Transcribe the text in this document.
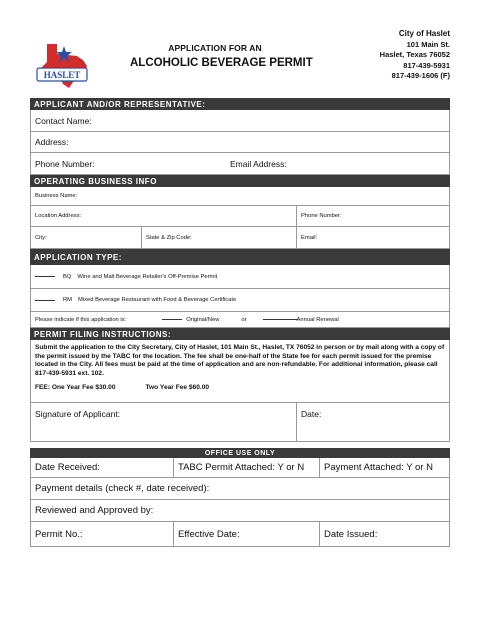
HASLET
APPLICATION FOR AN
ALCOHOLIC BEVERAGE PERMIT
City of Haslet
101 Main St.
Haslet, Texas 76052
817-439-5931
817-439-1606 (F)
APPLICANT AND/OR REPRESENTATIVE:
Contact Name:
Address:
Phone Number:	Email Address:
OPERATING BUSINESS INFO
Business Name:
Location Address:	Phone Number:
City:	State & Zip Code:	Email:
APPLICATION TYPE:
BQ Wine and Malt Beverage Retailer's Off-Premise Permit
RM Mixed Beverage Restaurant with Food & Beverage Certificate
Please indicate if this application is:	Original/New	or	Annual Renewal
PERMIT FILING INSTRUCTIONS:
Submit the application to the City Secretary, City of Haslet, 101 Main St., Haslet, TX 76052 in person or by mail along with a copy of the permit issued by the TABC for the location. The fee shall be one-half of the State fee for each permit issued for the premise located in the City. All fees must be paid at the time of application and are non-refundable. For additional information, please call 817-439-5931 ext. 102.
FEE: One Year Fee $30.00	Two Year Fee $60.00
Signature of Applicant:	Date:
OFFICE USE ONLY
Date Received:	TABC Permit Attached: Y or N	Payment Attached: Y or N
Payment details (check #, date received):
Reviewed and Approved by:
Permit No.:	Effective Date:	Date Issued:
